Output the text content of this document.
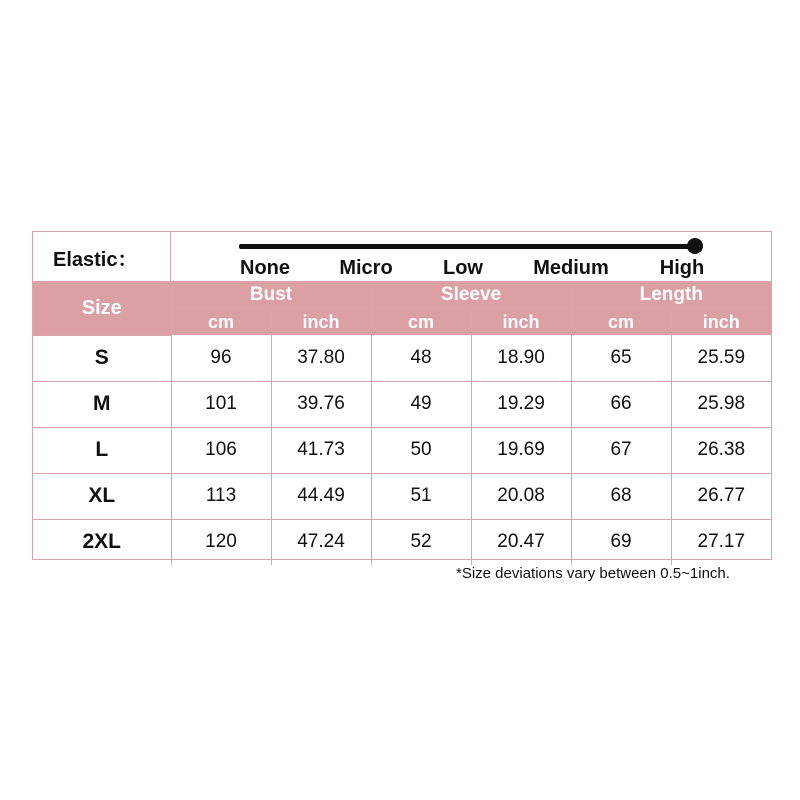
Elastic：	None Micro	Low	Medium	High
Size	Bust		Sleeve		Length	
	cm	inch	cm	inch	cm	inch
S	96	37.80	48	18.90	65	25.59
M	101	39.76	49	19.29	66	25.98
L	106	41.73	50	19.69	67	26.38
XL	113	44.49	51	20.08	68	26.77
2XL	120	47.24	52	20.47	69	27.17
*Size deviations vary between 0.5~1inch.
